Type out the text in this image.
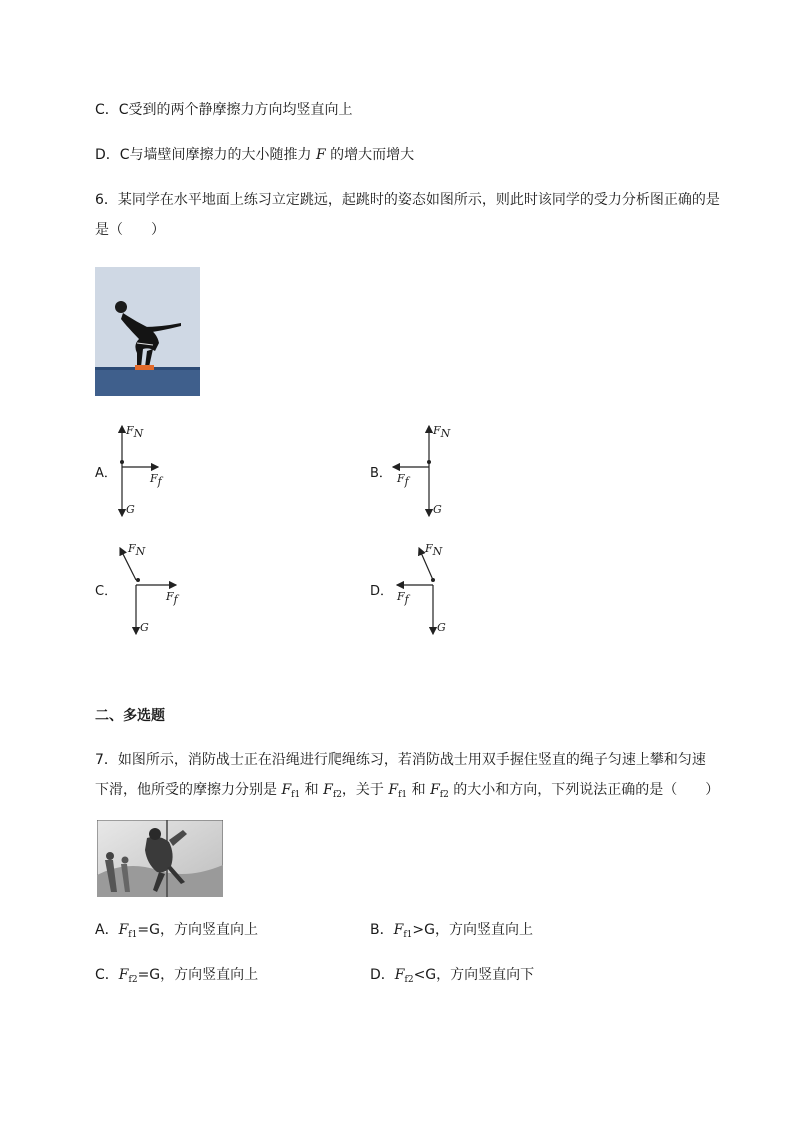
C．C受到的两个静摩擦力方向均竖直向上
D．C与墙壁间摩擦力的大小随推力 F 的增大而增大
6．某同学在水平地面上练习立定跳远，起跳时的姿态如图所示，则此时该同学的受力分析图正确的是
是（　　）
A．
FN
Ff
G
B．
FN
Ff
G
C．
FN
Ff
G
D．
FN
Ff
G
二、多选题
7．如图所示，消防战士正在沿绳进行爬绳练习，若消防战士用双手握住竖直的绳子匀速上攀和匀速
下滑，他所受的摩擦力分别是 $F_{f1}$ 和 $F_{f2}$，关于 $F_{f1}$ 和 $F_{f2}$ 的大小和方向，下列说法正确的是（　　）
A．$F_{f1}=G$，方向竖直向上	B．$F_{f1}>G$，方向竖直向上
C．$F_{f2}=G$，方向竖直向上	D．$F_{f2}<G$，方向竖直向下
